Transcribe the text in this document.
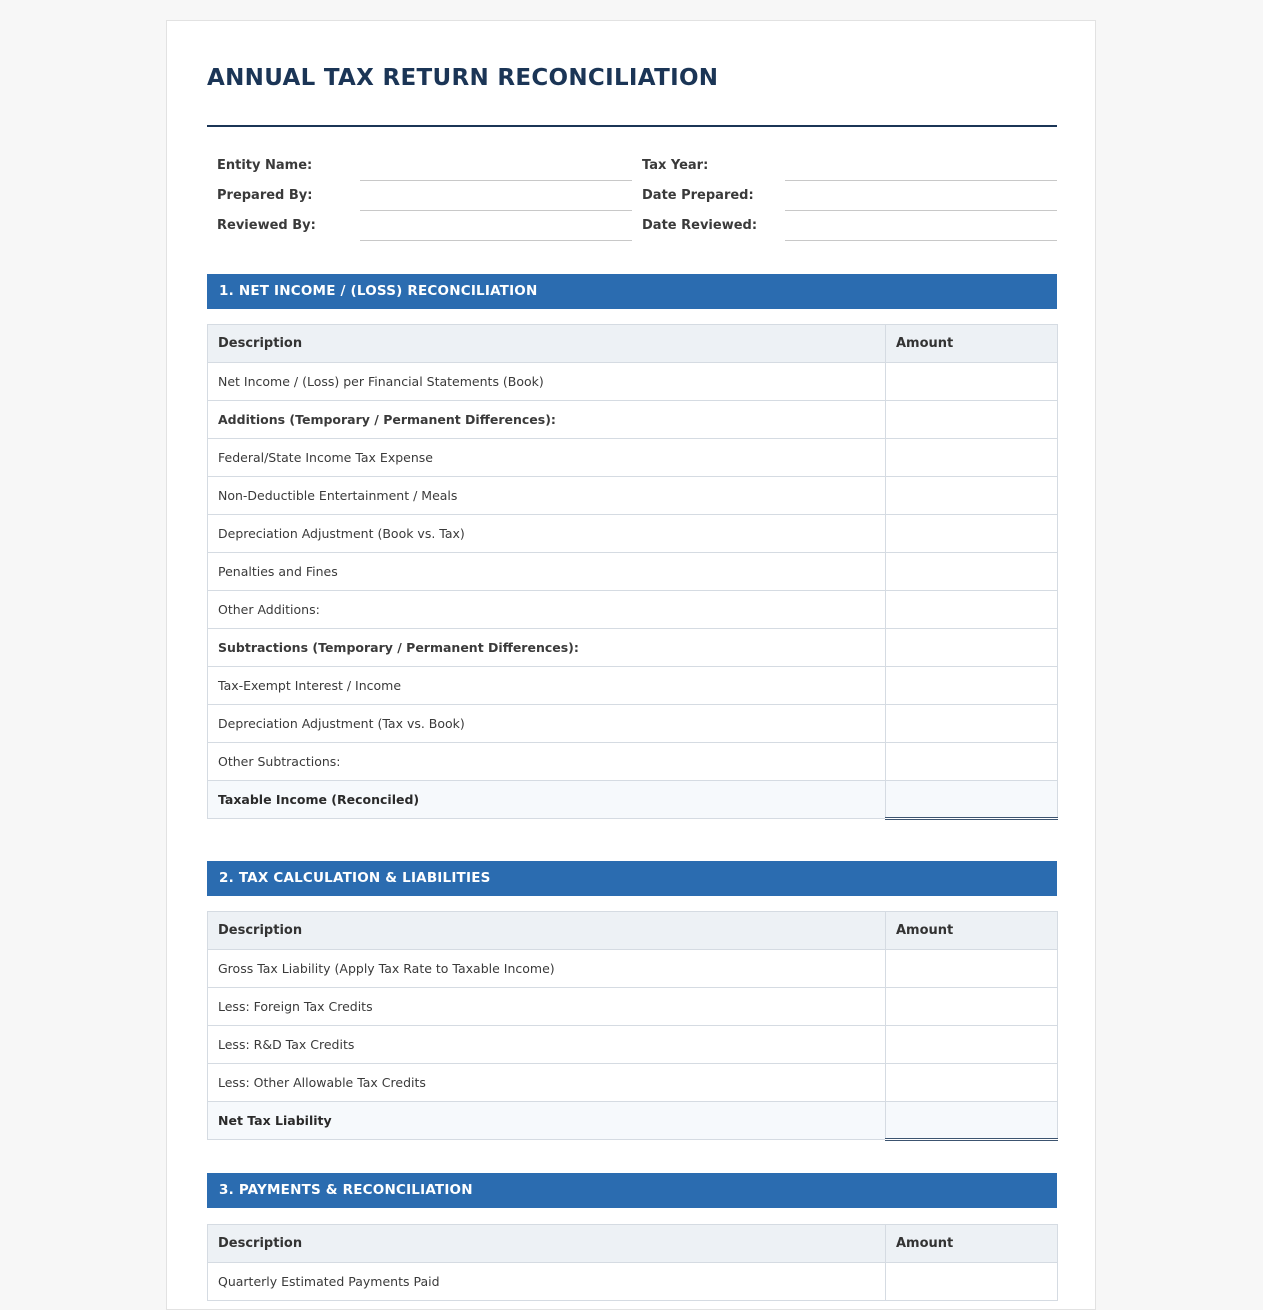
ANNUAL TAX RETURN RECONCILIATION
Entity Name:	Tax Year:
Prepared By:	Date Prepared:
Reviewed By:	Date Reviewed:
1. NET INCOME / (LOSS) RECONCILIATION
Description	Amount
Net Income / (Loss) per Financial Statements (Book)	
Additions (Temporary / Permanent Differences):	
Federal/State Income Tax Expense	
Non-Deductible Entertainment / Meals	
Depreciation Adjustment (Book vs. Tax)	
Penalties and Fines	
Other Additions:	
Subtractions (Temporary / Permanent Differences):	
Tax-Exempt Interest / Income	
Depreciation Adjustment (Tax vs. Book)	
Other Subtractions:	
Taxable Income (Reconciled)	
2. TAX CALCULATION & LIABILITIES
Description	Amount
Gross Tax Liability (Apply Tax Rate to Taxable Income)	
Less: Foreign Tax Credits	
Less: R&D Tax Credits	
Less: Other Allowable Tax Credits	
Net Tax Liability	
3. PAYMENTS & RECONCILIATION
Description	Amount
Quarterly Estimated Payments Paid	
